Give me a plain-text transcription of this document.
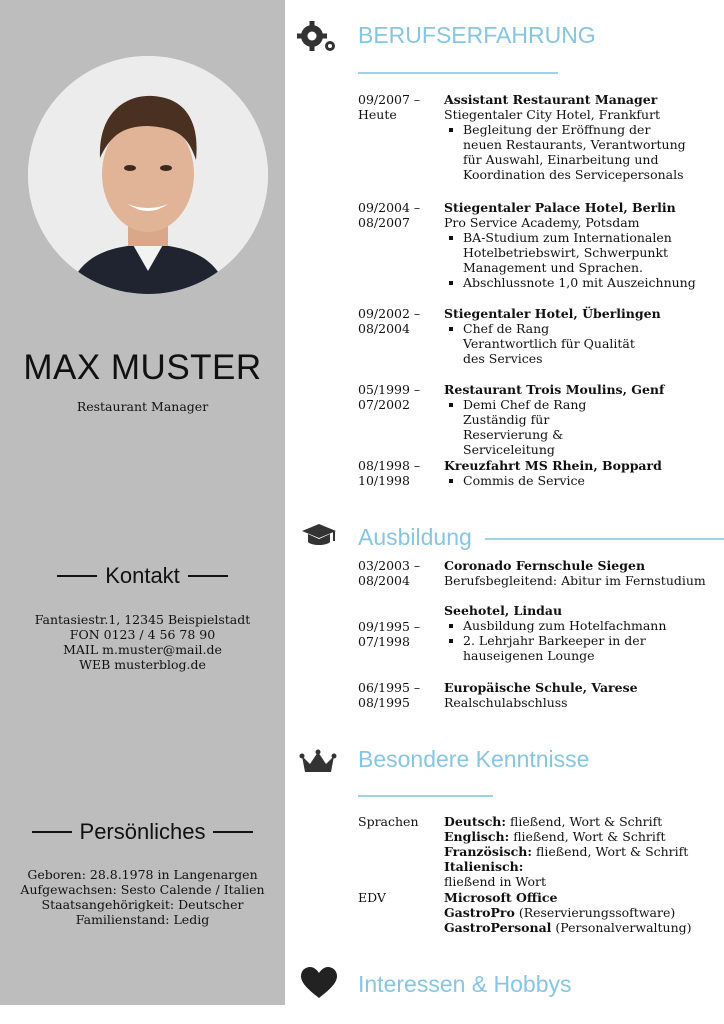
MAX MUSTER
Restaurant Manager
Kontakt
Fantasiestr.1, 12345 Beispielstadt
FON 0123 / 4 56 78 90
MAIL m.muster@mail.de
WEB musterblog.de
Persönliches
Geboren: 28.8.1978 in Langenargen
Aufgewachsen: Sesto Calende / Italien
Staatsangehörigkeit: Deutscher
Familienstand: Ledig
BERUFSERFAHRUNG
09/2007 –
Heute
Assistant Restaurant Manager
Stiegentaler City Hotel, Frankfurt
Begleitung der Eröffnung der neuen Restaurants, Verantwortung für Auswahl, Einarbeitung und Koordination des Servicepersonals
09/2004 –
08/2007
Stiegentaler Palace Hotel, Berlin
Pro Service Academy, Potsdam
BA-Studium zum Internationalen Hotelbetriebswirt, Schwerpunkt Management und Sprachen.
Abschlussnote 1,0 mit Auszeichnung
09/2002 –
08/2004
Stiegentaler Hotel, Überlingen
Chef de Rang Verantwortlich für Qualität des Services
05/1999 –
07/2002
Restaurant Trois Moulins, Genf
Demi Chef de Rang Zuständig für Reservierung & Serviceleitung
08/1998 –
10/1998
Kreuzfahrt MS Rhein, Boppard
Commis de Service
Ausbildung
03/2003 –
08/2004
Coronado Fernschule Siegen
Berufsbegleitend: Abitur im Fernstudium
09/1995 –
07/1998
Seehotel, Lindau
Ausbildung zum Hotelfachmann
2. Lehrjahr Barkeeper in der hauseigenen Lounge
06/1995 –
08/1995
Europäische Schule, Varese
Realschulabschluss
Besondere Kenntnisse
Sprachen Deutsch: fließend, Wort & Schrift
Englisch: fließend, Wort & Schrift
Französisch: fließend, Wort & Schrift Italienisch:
fließend in Wort
EDV	Microsoft Office
GastroPro (Reservierungssoftware)
GastroPersonal (Personalverwaltung)
Interessen & Hobbys
